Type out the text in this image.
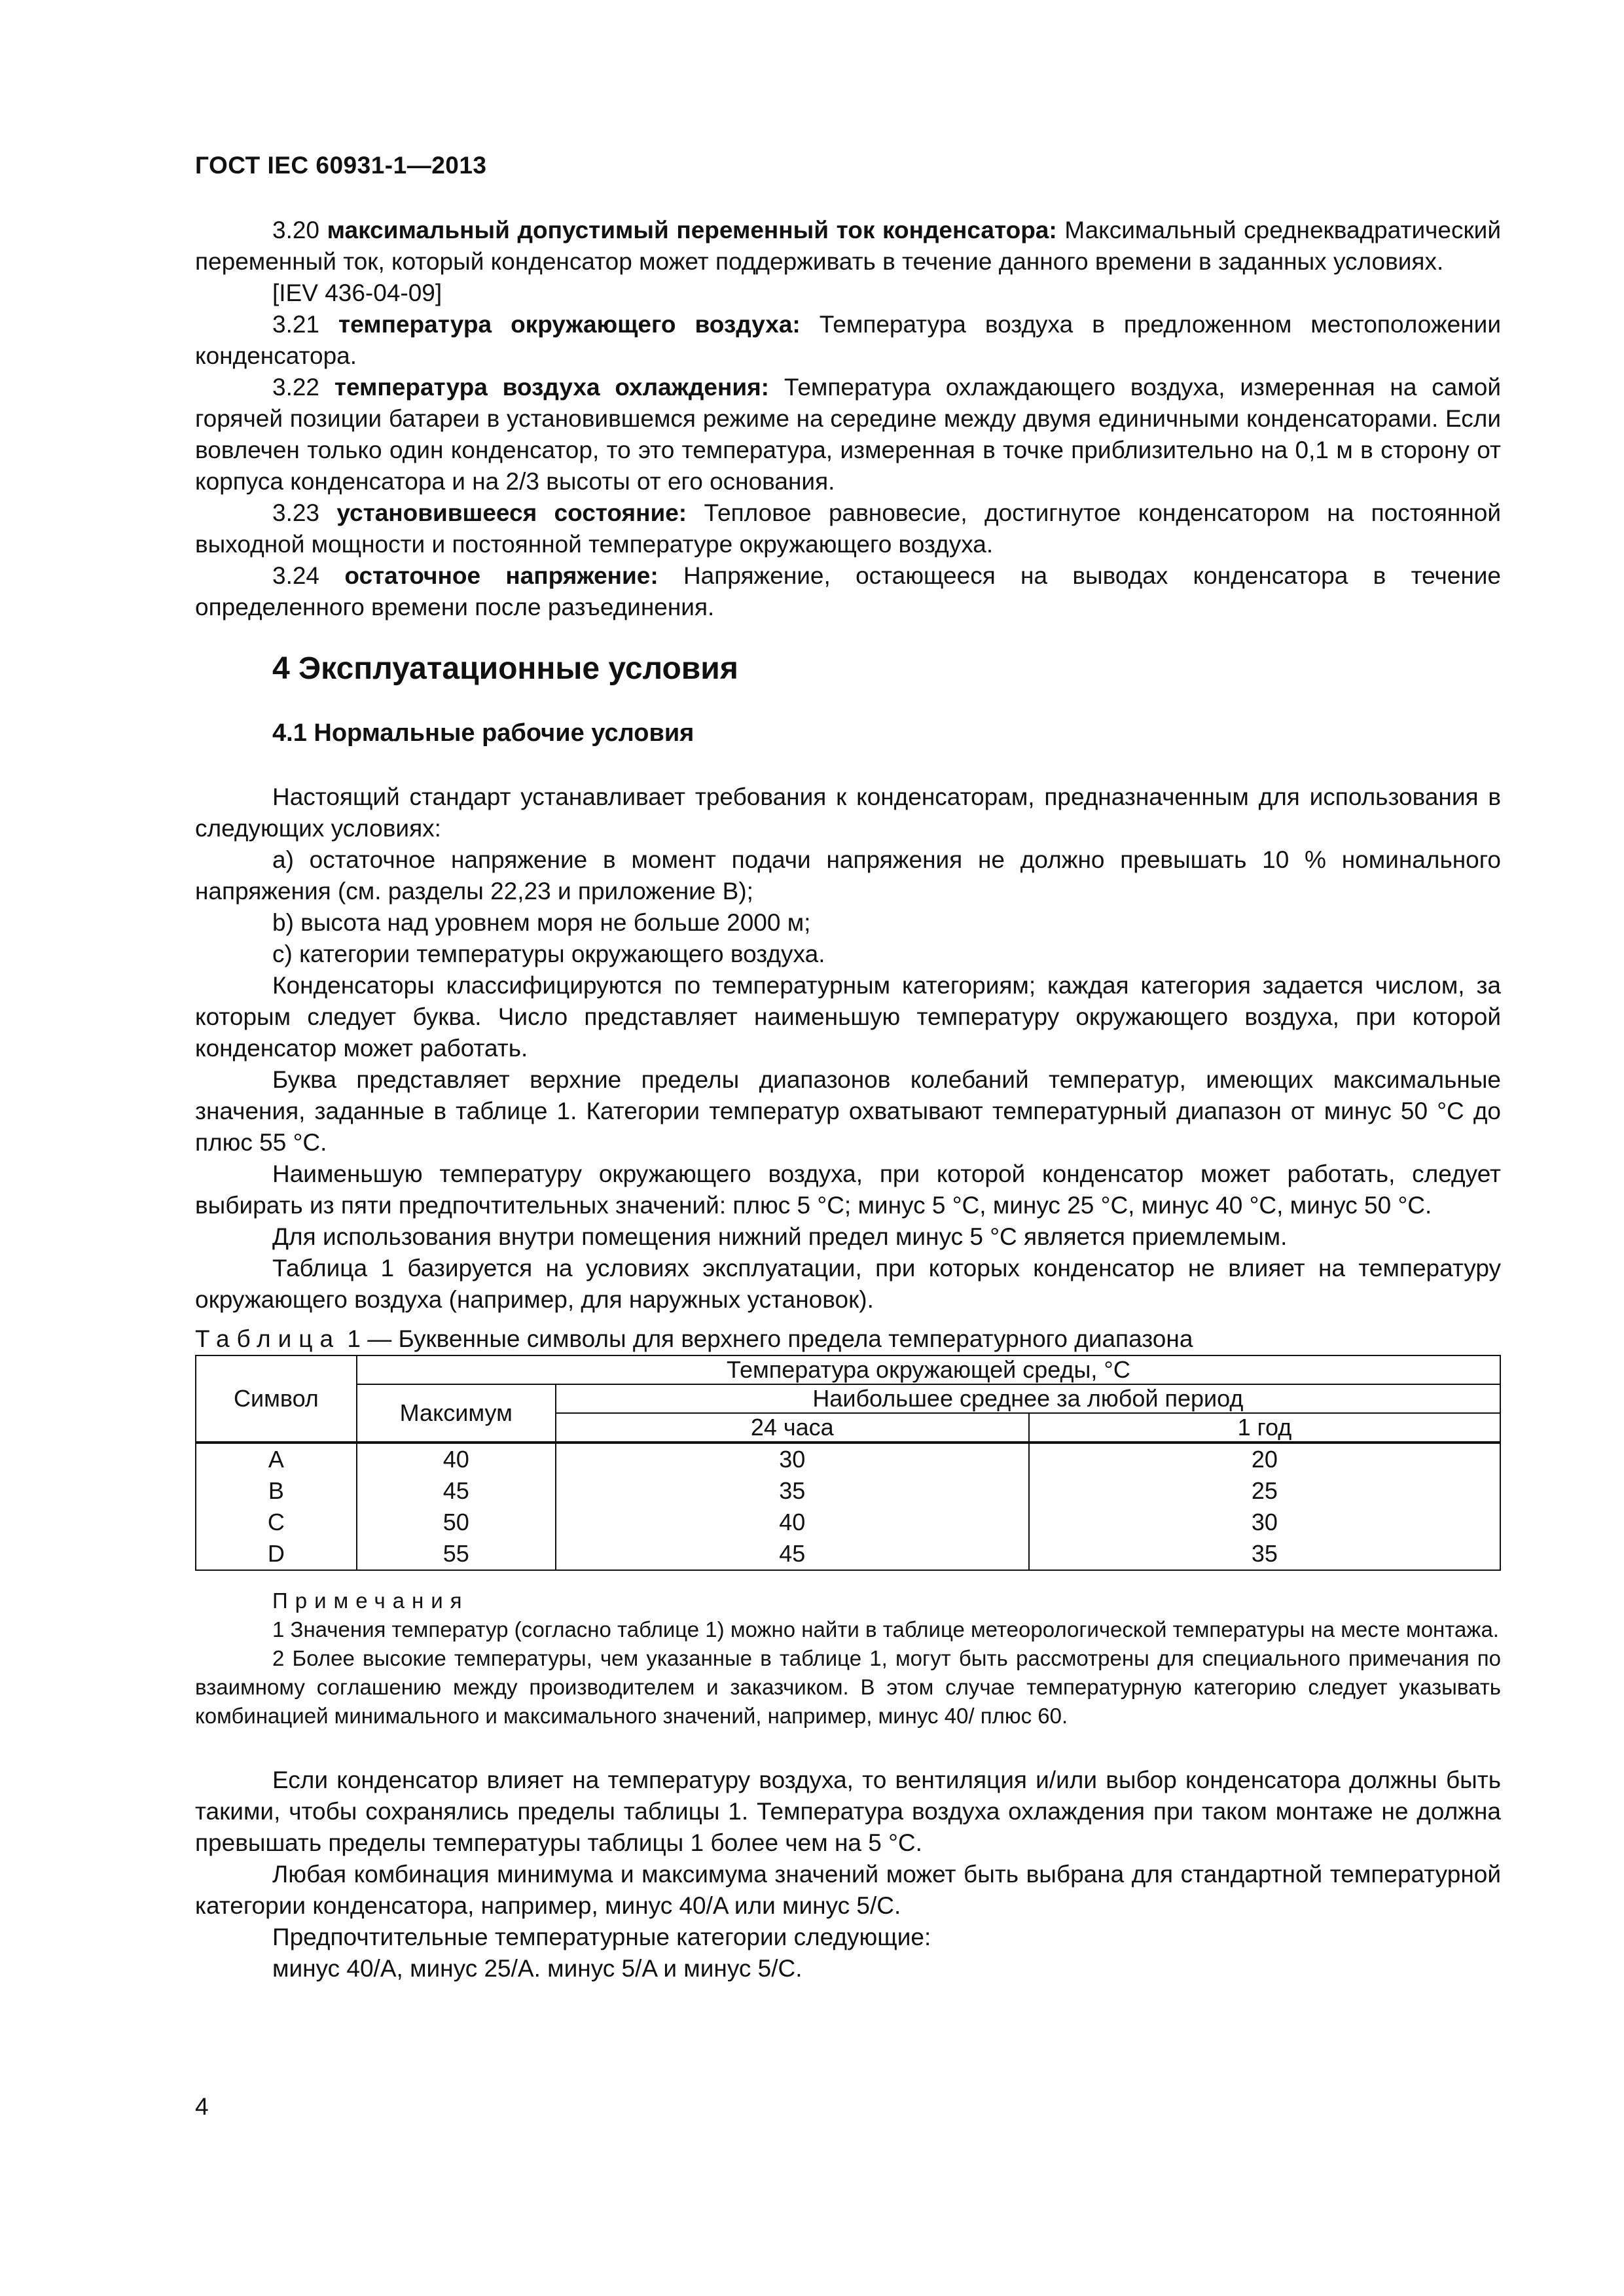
ГОСТ IEC 60931-1—2013

3.20 максимальный допустимый переменный ток конденсатора: Максимальный среднеквадратический переменный ток, который конденсатор может поддерживать в течение данного времени в заданных условиях.

[IEV 436-04-09]

3.21 температура окружающего воздуха: Температура воздуха в предложенном местоположении конденсатора.

3.22 температура воздуха охлаждения: Температура охлаждающего воздуха, измеренная на самой горячей позиции батареи в установившемся режиме на середине между двумя единичными конденсаторами. Если вовлечен только один конденсатор, то это температура, измеренная в точке приблизительно на 0,1 м в сторону от корпуса конденсатора и на 2/3 высоты от его основания.

3.23 установившееся состояние: Тепловое равновесие, достигнутое конденсатором на постоянной выходной мощности и постоянной температуре окружающего воздуха.

3.24 остаточное напряжение: Напряжение, остающееся на выводах конденсатора в течение определенного времени после разъединения.

4 Эксплуатационные условия
4.1 Нормальные рабочие условия

Настоящий стандарт устанавливает требования к конденсаторам, предназначенным для использования в следующих условиях:

a) остаточное напряжение в момент подачи напряжения не должно превышать 10 % номинального напряжения (см. разделы 22,23 и приложение B);

b) высота над уровнем моря не больше 2000 м;

c) категории температуры окружающего воздуха.

Конденсаторы классифицируются по температурным категориям; каждая категория задается числом, за которым следует буква. Число представляет наименьшую температуру окружающего воздуха, при которой конденсатор может работать.

Буква представляет верхние пределы диапазонов колебаний температур, имеющих максимальные значения, заданные в таблице 1. Категории температур охватывают температурный диапазон от минус 50 °C до плюс 55 °C.

Наименьшую температуру окружающего воздуха, при которой конденсатор может работать, следует выбирать из пяти предпочтительных значений: плюс 5 °C; минус 5 °C, минус 25 °C, минус 40 °C, минус 50 °C.

Для использования внутри помещения нижний предел минус 5 °C является приемлемым.

Таблица 1 базируется на условиях эксплуатации, при которых конденсатор не влияет на температуру окружающего воздуха (например, для наружных установок).

Таблица 1 — Буквенные символы для верхнего предела температурного диапазона

Символ	Температура окружающей среды, °C		
	Максимум	Наибольшее среднее за любой период	
		24 часа	1 год
A	40	30	20
B	45	35	25
C	50	40	30
D	55	45	35

Примечания

1 Значения температур (согласно таблице 1) можно найти в таблице метеорологической температуры на месте монтажа.

2 Более высокие температуры, чем указанные в таблице 1, могут быть рассмотрены для специального примечания по взаимному соглашению между производителем и заказчиком. В этом случае температурную категорию следует указывать комбинацией минимального и максимального значений, например, минус 40/ плюс 60.

Если конденсатор влияет на температуру воздуха, то вентиляция и/или выбор конденсатора должны быть такими, чтобы сохранялись пределы таблицы 1. Температура воздуха охлаждения при таком монтаже не должна превышать пределы температуры таблицы 1 более чем на 5 °C.

Любая комбинация минимума и максимума значений может быть выбрана для стандартной температурной категории конденсатора, например, минус 40/A или минус 5/C.

Предпочтительные температурные категории следующие:

минус 40/A, минус 25/A. минус 5/A и минус 5/C.

4
